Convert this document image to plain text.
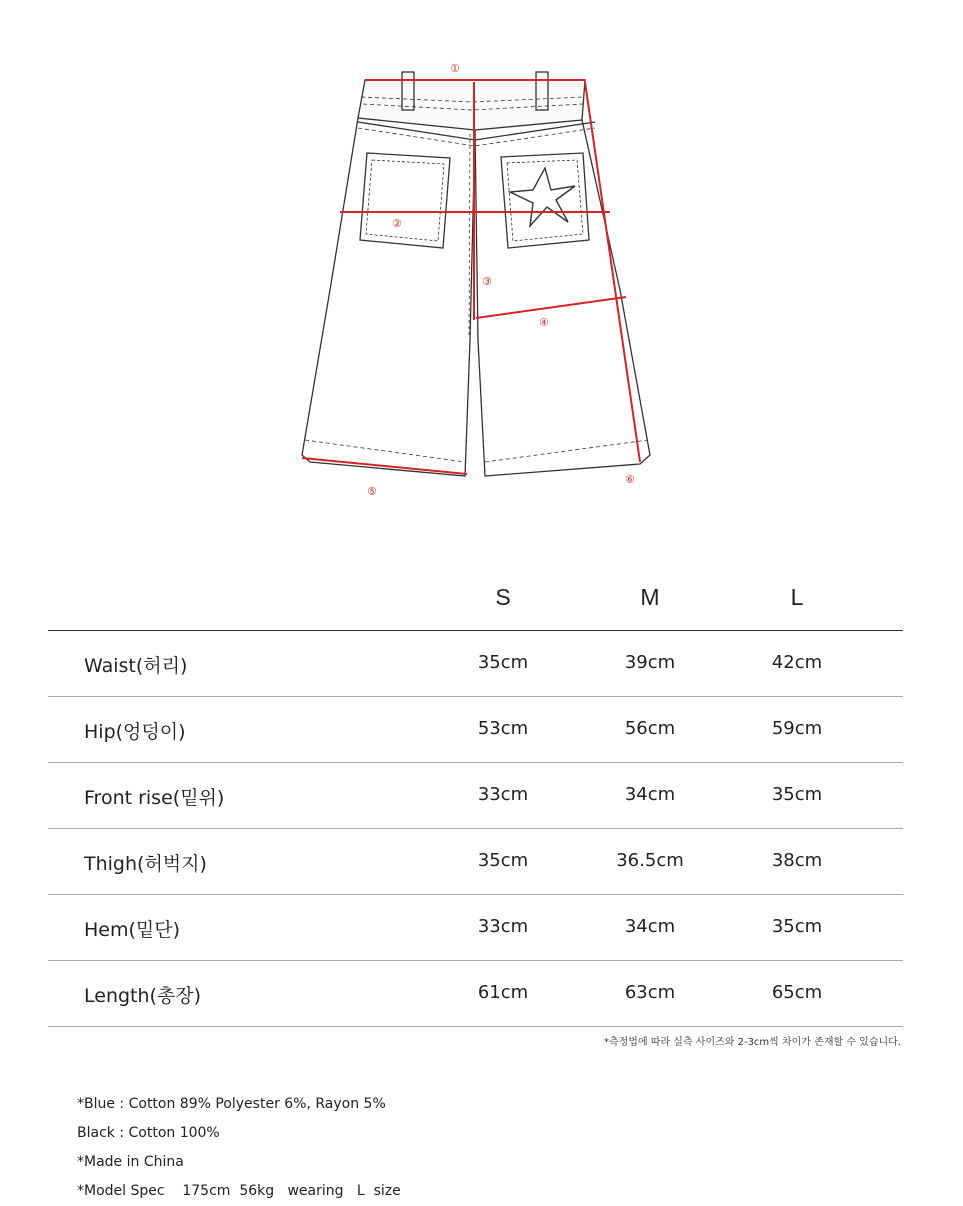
①
②
③
④
⑤
⑥
S	M	L
Waist(허리)	35cm	39cm	42cm
Hip(엉덩이)	53cm	56cm	59cm
Front rise(밑위)	33cm	34cm	35cm
Thigh(허벅지)	35cm	36.5cm	38cm
Hem(밑단)	33cm	34cm	35cm
Length(총장)	61cm	63cm	65cm
*측정법에 따라 실측 사이즈와 2-3cm씩 차이가 존재할 수 있습니다.
*Blue : Cotton 89% Polyester 6%, Rayon 5%
Black : Cotton 100%
*Made in China
*Model Spec    175cm  56kg   wearing   L  size
